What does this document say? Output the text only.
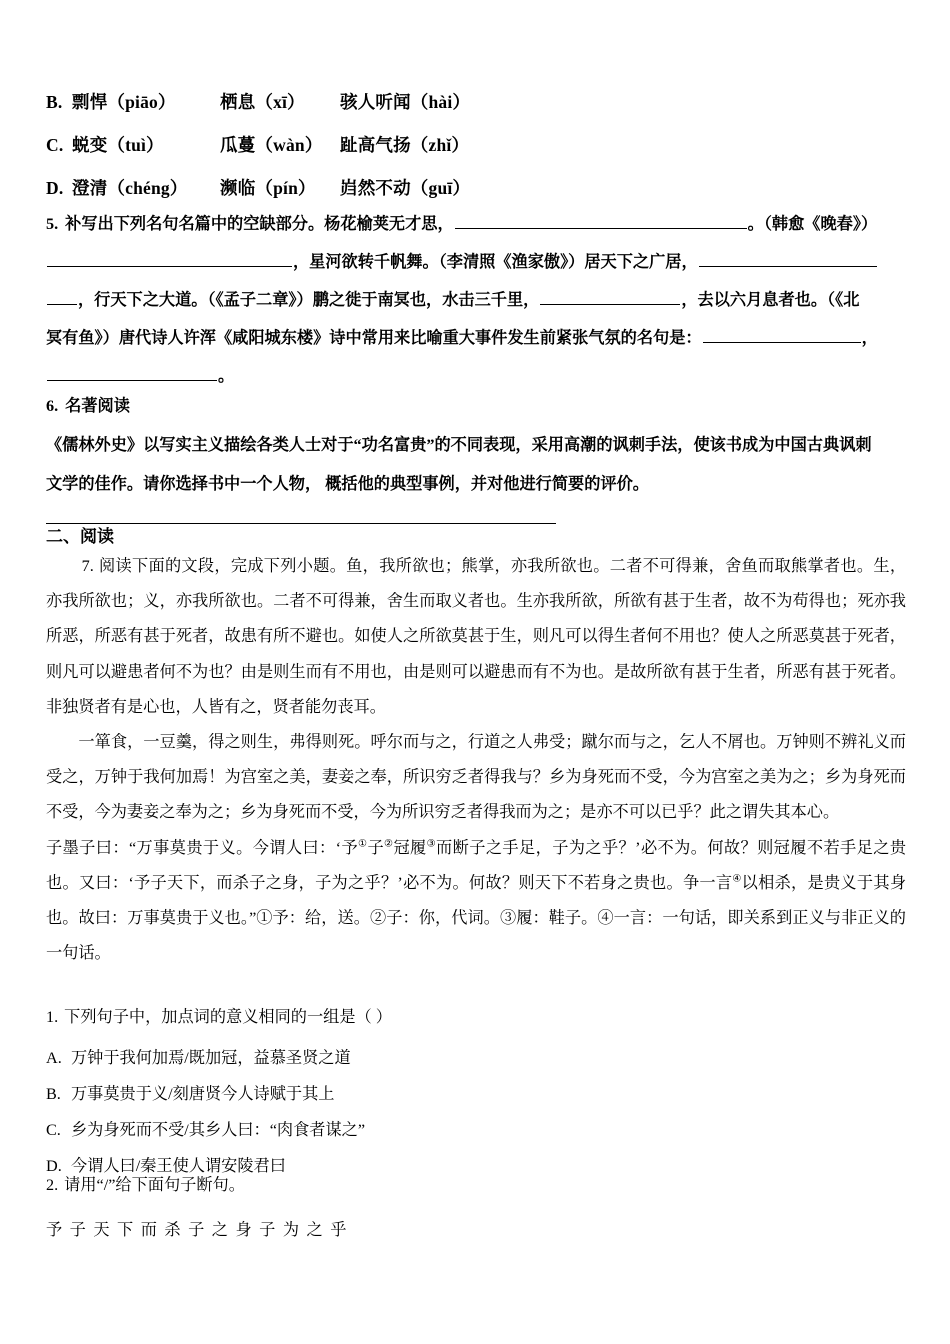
B. 剽悍（piāo）	栖息（xī） 骇人听闻（hài）
C. 蜕变（tuì）	瓜蔓（wàn） 趾高气扬（zhǐ）
D. 澄清（chéng） 濒临（pín） 岿然不动（guī）
5. 补写出下列名句名篇中的空缺部分。杨花榆荚无才思，	。（韩愈《晚春》）
，星河欲转千帆舞。（李清照《渔家傲》）居天下之广居，
，行天下之大道。（《孟子二章》）鹏之徙于南冥也，水击三千里，	，去以六月息者也。（《北
冥有鱼》）唐代诗人许浑《咸阳城东楼》诗中常用来比喻重大事件发生前紧张气氛的名句是：	，
。
6. 名著阅读
《儒林外史》以写实主义描绘各类人士对于“功名富贵”的不同表现，采用高潮的讽刺手法，使该书成为中国古典讽刺
文学的佳作。请你选择书中一个人物， 概括他的典型事例，并对他进行简要的评价。
二、阅读
7. 阅读下面的文段，完成下列小题。鱼，我所欲也；熊掌，亦我所欲也。二者不可得兼，舍鱼而取熊掌者也。生，亦我所欲也；义，亦我所欲也。二者不可得兼，舍生而取义者也。生亦我所欲，所欲有甚于生者，故不为苟得也；死亦我所恶，所恶有甚于死者，故患有所不避也。如使人之所欲莫甚于生，则凡可以得生者何不用也？使人之所恶莫甚于死者，则凡可以避患者何不为也？由是则生而有不用也，由是则可以避患而有不为也。是故所欲有甚于生者，所恶有甚于死者。非独贤者有是心也，人皆有之，贤者能勿丧耳。
一箪食，一豆羹，得之则生，弗得则死。呼尔而与之，行道之人弗受；蹴尔而与之，乞人不屑也。万钟则不辨礼义而受之，万钟于我何加焉！为宫室之美，妻妾之奉，所识穷乏者得我与？乡为身死而不受，今为宫室之美为之；乡为身死而不受，今为妻妾之奉为之；乡为身死而不受，今为所识穷乏者得我而为之；是亦不可以已乎？此之谓失其本心。
子墨子曰：“万事莫贵于义。今谓人曰：‘予①子②冠履③而断子之手足，子为之乎？’必不为。何故？则冠履不若手足之贵也。又曰：‘予子天下，而杀子之身，子为之乎？’必不为。何故？则天下不若身之贵也。争一言④以相杀，是贵义于其身也。故曰：万事莫贵于义也。”①予：给，送。②子：你，代词。③履：鞋子。④一言：一句话，即关系到正义与非正义的一句话。
1. 下列句子中，加点词的意义相同的一组是（ ）
A. 万钟于我何加焉/既加冠，益慕圣贤之道
B. 万事莫贵于义/刻唐贤今人诗赋于其上
C. 乡为身死而不受/其乡人曰：“肉食者谋之”
D. 今谓人曰/秦王使人谓安陵君曰
2. 请用“/”给下面句子断句。
予子天下而杀子之身子为之乎
